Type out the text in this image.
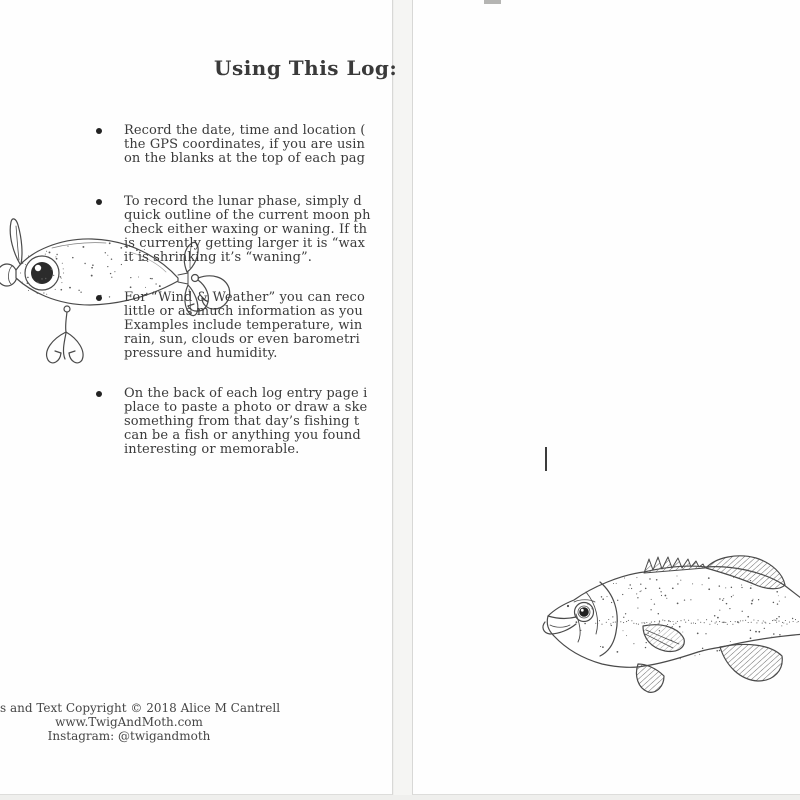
s and Text Copyright © 2018 Alice M Cantrell
www.TwigAndMoth.com
Instagram: @twigandmoth
Using This Log:
Record the date, time and location (
the GPS coordinates, if you are usin
on the blanks at the top of each pag
To record the lunar phase, simply d
quick outline of the current moon ph
check either waxing or waning. If th
is currently getting larger it is “wax
it is shrinking it’s “waning”.
For “Wind & Weather” you can reco
little or as much information as you
Examples include temperature, win
rain, sun, clouds or even barometri
pressure and humidity.
On the back of each log entry page i
place to paste a photo or draw a ske
something from that day’s fishing t
can be a fish or anything you found
interesting or memorable.
